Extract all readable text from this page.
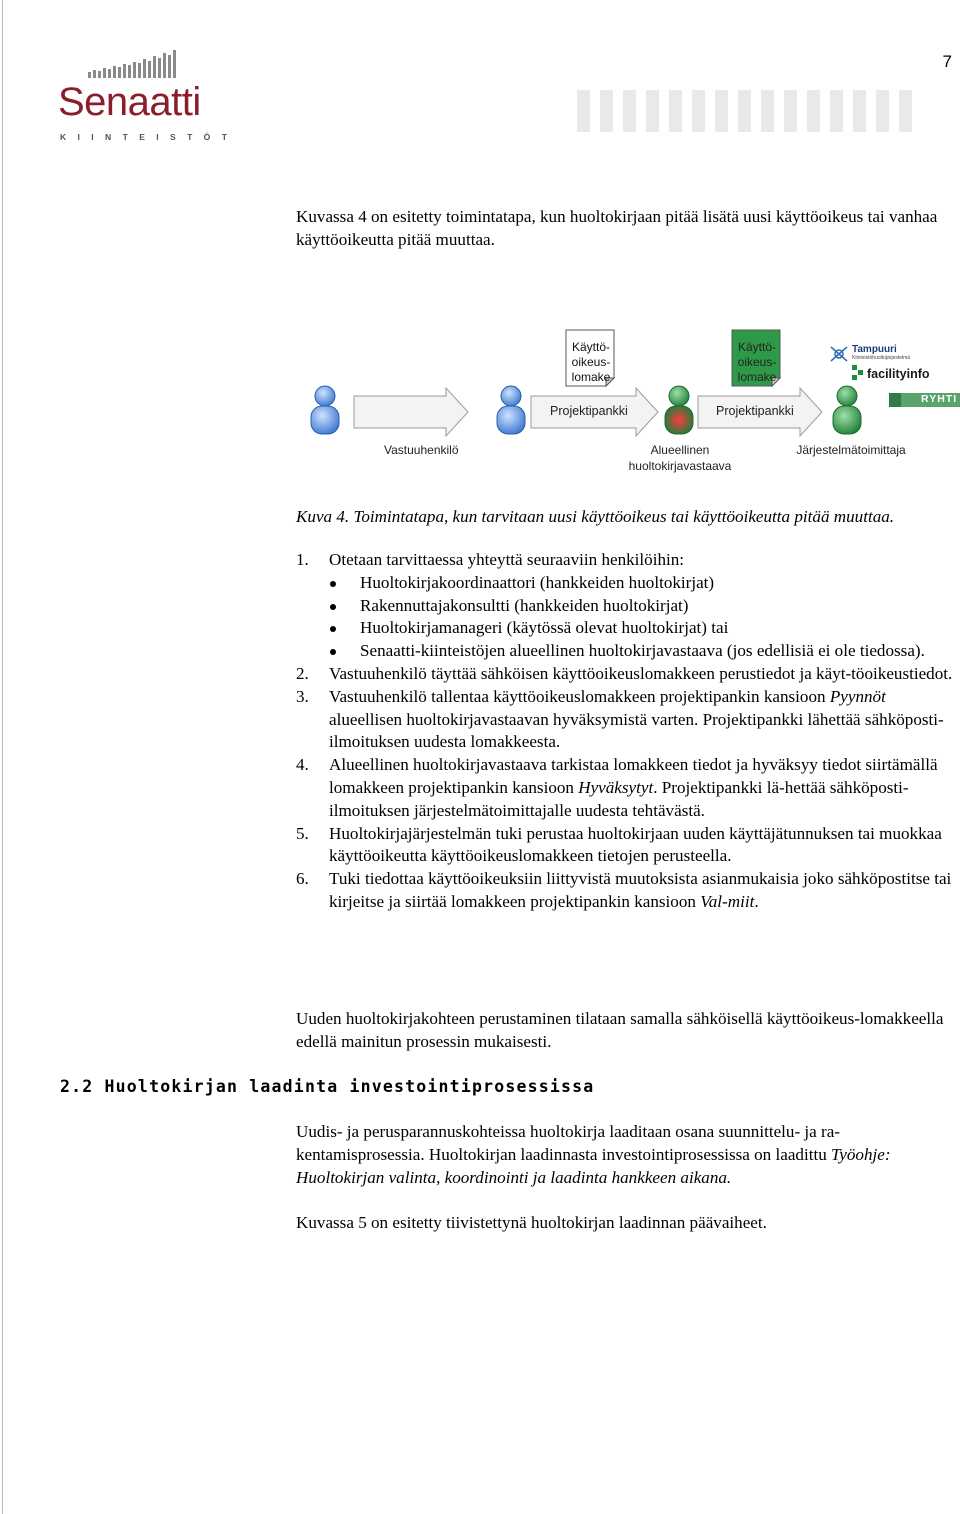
7
Senaatti
KIINTEISTÖT

Kuvassa 4 on esitetty toimintatapa, kun huoltokirjaan pitää lisätä uusi käyttöoikeus tai vanhaa käyttöoikeutta pitää muuttaa.

Käyttö-
oikeus-
lomake
Käyttö-
oikeus-
lomake
Projektipankki	Projektipankki
Tampuuri
Kiinteistöhuoltojärjestelmä
facilityinfo
RYHTI
Vastuuhenkilö	Alueellinen
huoltokirjavastaava
Järjestelmätoimittaja
Kuva 4. Toimintatapa, kun tarvitaan uusi käyttöoikeus tai käyttöoikeutta pitää muuttaa.
1. Otetaan tarvittaessa yhteyttä seuraaviin henkilöihin:
Huoltokirjakoordinaattori (hankkeiden huoltokirjat)
Rakennuttajakonsultti (hankkeiden huoltokirjat)
Huoltokirjamanageri (käytössä olevat huoltokirjat) tai
Senaatti-kiinteistöjen alueellinen huoltokirjavastaava (jos edellisiä ei ole tiedossa).
2. Vastuuhenkilö täyttää sähköisen käyttöoikeuslomakkeen perustiedot ja käyt-töoikeustiedot.
3. Vastuuhenkilö tallentaa käyttöoikeuslomakkeen projektipankin kansioon Pyynnöt alueellisen huoltokirjavastaavan hyväksymistä varten. Projektipankki lähettää sähköposti-ilmoituksen uudesta lomakkeesta.
4. Alueellinen huoltokirjavastaava tarkistaa lomakkeen tiedot ja hyväksyy tiedot siirtämällä lomakkeen projektipankin kansioon Hyväksytyt. Projektipankki lä-hettää sähköposti-ilmoituksen järjestelmätoimittajalle uudesta tehtävästä.
5. Huoltokirjajärjestelmän tuki perustaa huoltokirjaan uuden käyttäjätunnuksen tai muokkaa käyttöoikeutta käyttöoikeuslomakkeen tietojen perusteella.
6. Tuki tiedottaa käyttöoikeuksiin liittyvistä muutoksista asianmukaisia joko sähköpostitse tai kirjeitse ja siirtää lomakkeen projektipankin kansioon Val-miit.
Uuden huoltokirjakohteen perustaminen tilataan samalla sähköisellä käyttöoikeus-lomakkeella edellä mainitun prosessin mukaisesti.
2.2 Huoltokirjan laadinta investointiprosessissa
Uudis- ja perusparannuskohteissa huoltokirja laaditaan osana suunnittelu- ja ra-kentamisprosessia. Huoltokirjan laadinnasta investointiprosessissa on laadittu Työohje: Huoltokirjan valinta, koordinointi ja laadinta hankkeen aikana.
Kuvassa 5 on esitetty tiivistettynä huoltokirjan laadinnan päävaiheet.
